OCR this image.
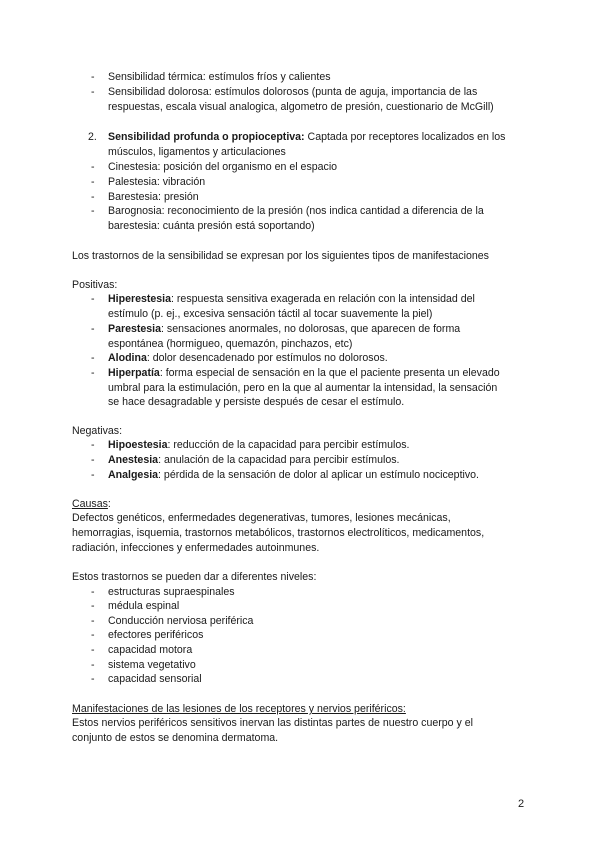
- Sensibilidad térmica: estímulos fríos y calientes
- Sensibilidad dolorosa: estímulos dolorosos (punta de aguja, importancia de las
respuestas, escala visual analogica, algometro de presión, cuestionario de McGill)
2. Sensibilidad profunda o propioceptiva: Captada por receptores localizados en los
músculos, ligamentos y articulaciones
- Cinestesia: posición del organismo en el espacio
- Palestesia: vibración
- Barestesia: presión
- Barognosia: reconocimiento de la presión (nos indica cantidad a diferencia de la
barestesia: cuánta presión está soportando)
Los trastornos de la sensibilidad se expresan por los siguientes tipos de manifestaciones
Positivas:
- Hiperestesia: respuesta sensitiva exagerada en relación con la intensidad del
estímulo (p. ej., excesiva sensación táctil al tocar suavemente la piel)
- Parestesia: sensaciones anormales, no dolorosas, que aparecen de forma
espontánea (hormigueo, quemazón, pinchazos, etc)
- Alodina: dolor desencadenado por estímulos no dolorosos.
- Hiperpatía: forma especial de sensación en la que el paciente presenta un elevado
umbral para la estimulación, pero en la que al aumentar la intensidad, la sensación
se hace desagradable y persiste después de cesar el estímulo.
Negativas:
- Hipoestesia: reducción de la capacidad para percibir estímulos.
- Anestesia: anulación de la capacidad para percibir estímulos.
- Analgesia: pérdida de la sensación de dolor al aplicar un estímulo nociceptivo.
Causas:
Defectos genéticos, enfermedades degenerativas, tumores, lesiones mecánicas,
hemorragias, isquemia, trastornos metabólicos, trastornos electrolíticos, medicamentos,
radiación, infecciones y enfermedades autoinmunes.
Estos trastornos se pueden dar a diferentes niveles:
- estructuras supraespinales
- médula espinal
- Conducción nerviosa periférica
- efectores periféricos
- capacidad motora
- sistema vegetativo
- capacidad sensorial
Manifestaciones de las lesiones de los receptores y nervios periféricos:
Estos nervios periféricos sensitivos inervan las distintas partes de nuestro cuerpo y el
conjunto de estos se denomina dermatoma.
2
